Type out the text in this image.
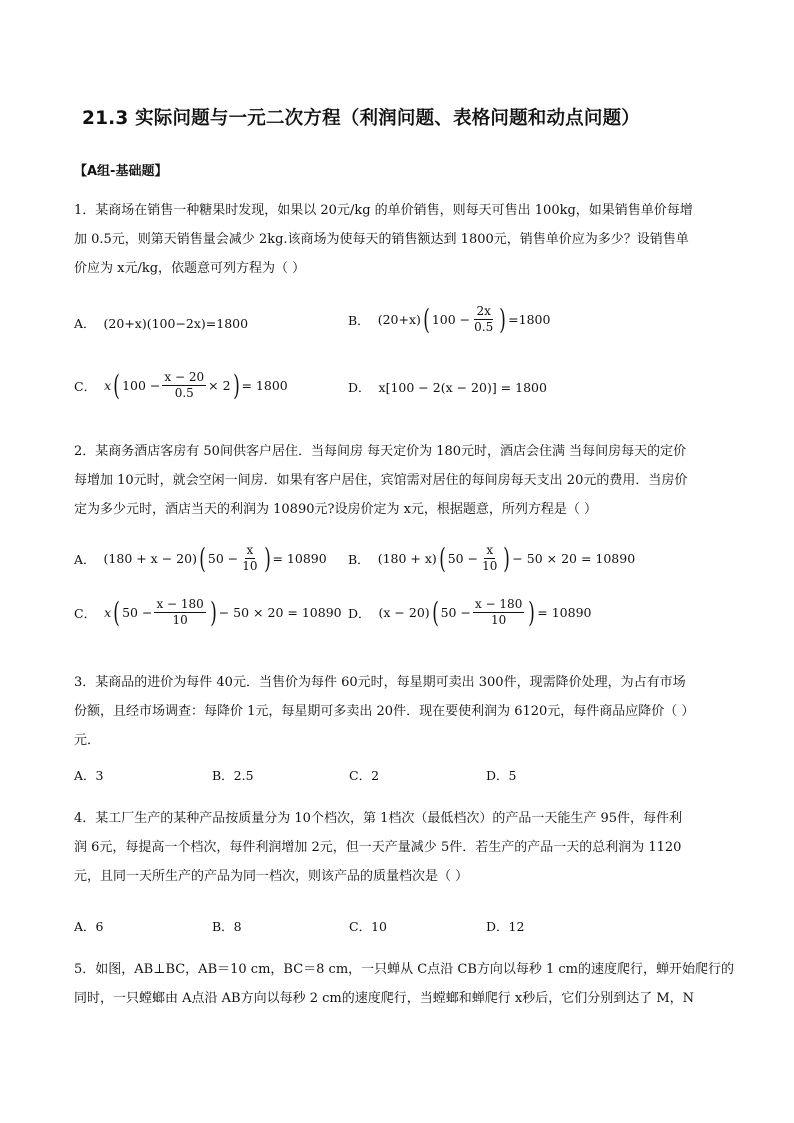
21.3 实际问题与一元二次方程（利润问题、表格问题和动点问题）
【A组-基础题】

1．某商场在销售一种糖果时发现，如果以 20元/kg 的单价销售，则每天可售出 100kg，如果销售单价每增

加 0.5元，则第天销售量会减少 2kg.该商场为使每天的销售额达到 1800元，销售单价应为多少？设销售单

价应为 x元/kg，依题意可列方程为（ ）

A． (20+x)(100−2x)=1800	B． (20+x) ( $100 - \frac{2x}{0.5}$ ) =1800
C． x ( $100 - \frac{x - 20}{0.5} \times 2$ ) = 1800	D． x[100 − 2(x − 20)] = 1800

2．某商务酒店客房有 50间供客户居住．当每间房 每天定价为 180元时，酒店会住满 当每间房每天的定价

每增加 10元时，就会空闲一间房．如果有客户居住，宾馆需对居住的每间房每天支出 20元的费用．当房价

定为多少元时，酒店当天的利润为 10890元?设房价定为 x元，根据题意，所列方程是（ ）

A． (180 + x − 20) ( $50 - \frac{x}{10}$ ) = 10890 B． (180 + x) ( $50 - \frac{x}{10}$ ) − 50 × 20 = 10890
C． x ( $50 - \frac{x - 180}{10}$ ) − 50 × 20 = 10890 D． (x − 20) ( $50 - \frac{x - 180}{10}$ ) = 10890

3．某商品的进价为每件 40元．当售价为每件 60元时，每星期可卖出 300件，现需降价处理，为占有市场

份额，且经市场调查：每降价 1元，每星期可多卖出 20件．现在要使利润为 6120元，每件商品应降价（ ）

元．

A．3	B．2.5	C．2	D．5

4．某工厂生产的某种产品按质量分为 10个档次，第 1档次（最低档次）的产品一天能生产 95件，每件利

润 6元，每提高一个档次，每件利润增加 2元，但一天产量减少 5件．若生产的产品一天的总利润为 1120

元，且同一天所生产的产品为同一档次，则该产品的质量档次是（ ）

A．6	B．8	C．10	D．12

5．如图，AB⊥BC，AB＝10 cm，BC＝8 cm，一只蝉从 C点沿 CB方向以每秒 1 cm的速度爬行，蝉开始爬行的

同时，一只螳螂由 A点沿 AB方向以每秒 2 cm的速度爬行，当螳螂和蝉爬行 x秒后，它们分别到达了 M，N
